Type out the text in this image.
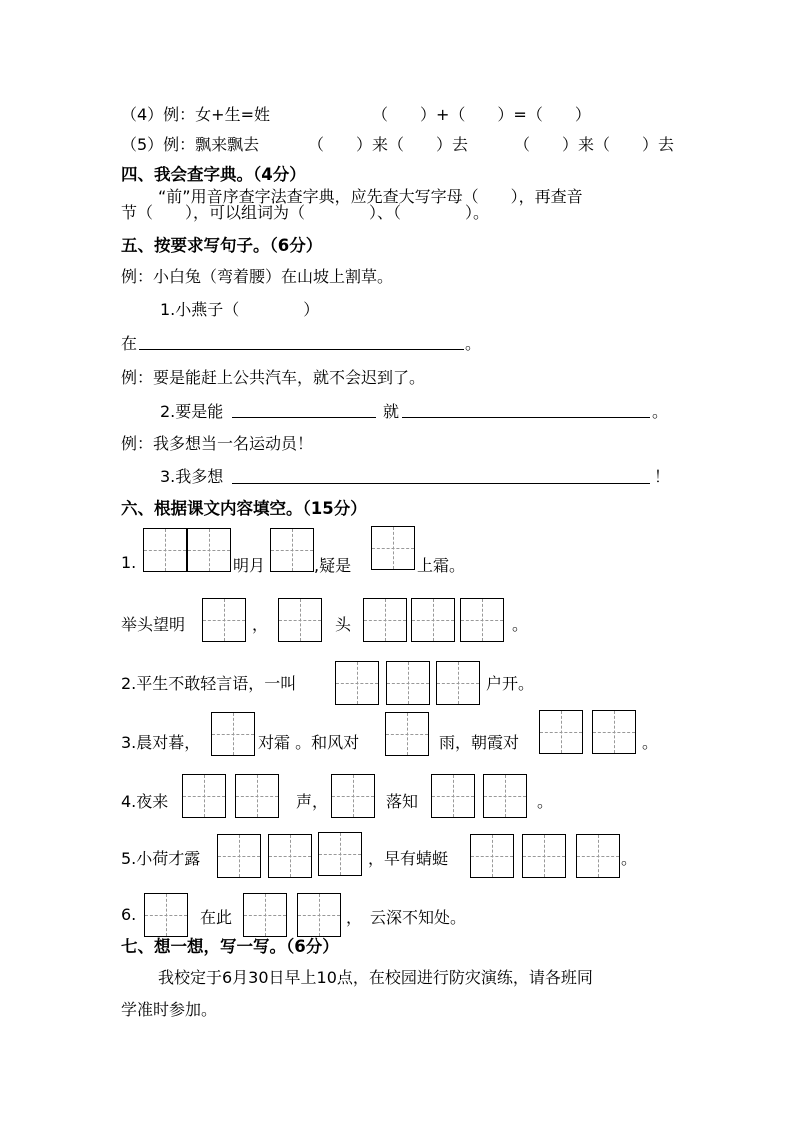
（4）例：女+生=姓	（　　）+（　　）=（　　）
（5）例：飘来飘去	（　　）来（　　）去	（　　）来（　　）去
四、我会查字典。（4分）
“前”用音序查字法查字典，应先查大写字母（　　），再查音
节（　　），可以组词为（　　　　）、（　　　　）。
五、按要求写句子。（6分）
例：小白兔（弯着腰）在山坡上割草。
1.小燕子（　　　　）
在	。
例：要是能赶上公共汽车，就不会迟到了。
2.要是能	就	。
例：我多想当一名运动员！
3.我多想	！
六、根据课文内容填空。（15分）
1.	明月	,疑是	上霜。
举头望明	，	头	。
2.平生不敢轻言语，一叫	户开。
3.晨对暮，	对霜 。和风对	雨，朝霞对	。
4.夜来	声，	落知	。
5.小荷才露	，早有蜻蜓	。
6.	在此	，　云深不知处。
七、想一想，写一写。（6分）
我校定于6月30日早上10点，在校园进行防灾演练，请各班同
学准时参加。
